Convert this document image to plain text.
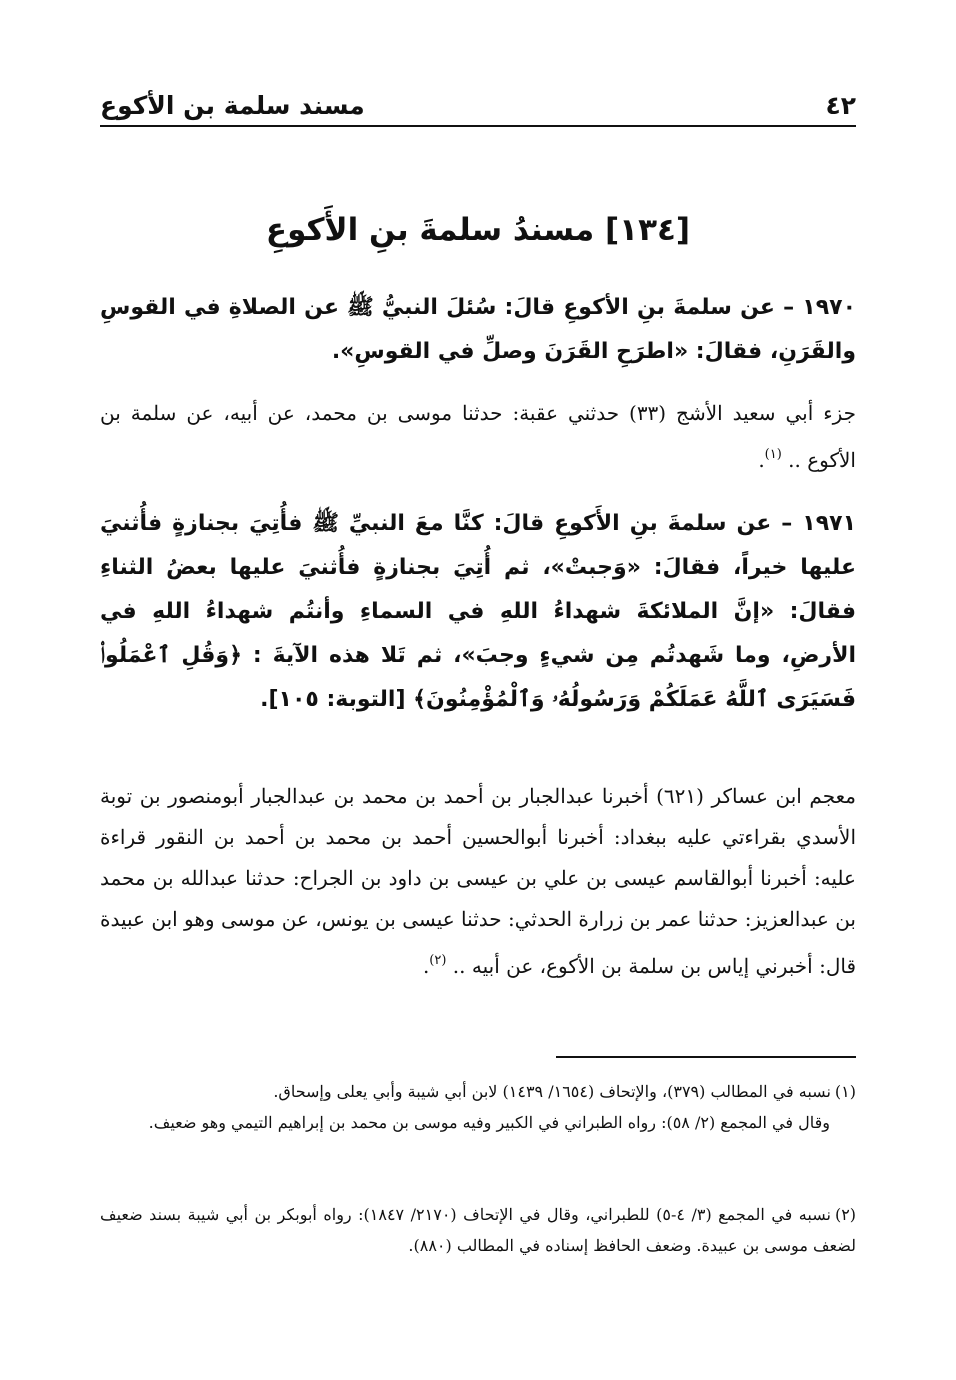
٤٢
مسند سلمة بن الأكوع
[١٣٤] مسندُ سلمةَ بنِ الأَكوعِ
١٩٧٠ – عن سلمةَ بنِ الأكوعِ قالَ: سُئلَ النبيُّ ﷺ عن الصلاةِ في القوسِ والقَرَنِ، فقالَ: «اطرَحِ القَرَنَ وصلِّ في القوسِ».
جزء أبي سعيد الأشج (٣٣) حدثني عقبة: حدثنا موسى بن محمد، عن أبيه، عن سلمة بن الأكوع .. $^{(١)}$.
١٩٧١ – عن سلمةَ بنِ الأَكوعِ قالَ: كنَّا معَ النبيِّ ﷺ فأُتِيَ بجنازةٍ فأُثنيَ عليها خيراً، فقالَ: «وَجبتْ»، ثم أُتِيَ بجنازةٍ فأُثنيَ عليها بعضُ الثناءِ فقالَ: «إنَّ الملائكةَ شهداءُ اللهِ في السماءِ وأنتُم شهداءُ اللهِ في الأرضِ، وما شَهدتُم مِن شيءٍ وجبَ»، ثم تَلا هذه الآيةَ : ﴿وَقُلِ ٱعْمَلُوا۟ فَسَيَرَى ٱللَّهُ عَمَلَكُمْ وَرَسُولُهُۥ وَٱلْمُؤْمِنُونَ﴾ [التوبة: ١٠٥].
معجم ابن عساكر (٦٢١) أخبرنا عبدالجبار بن أحمد بن محمد بن عبدالجبار أبومنصور بن توبة الأسدي بقراءتي عليه ببغداد: أخبرنا أبوالحسين أحمد بن محمد بن أحمد بن النقور قراءة عليه: أخبرنا أبوالقاسم عيسى بن علي بن عيسى بن داود بن الجراح: حدثنا عبدالله بن محمد بن عبدالعزيز: حدثنا عمر بن زرارة الحدثي: حدثنا عيسى بن يونس، عن موسى وهو ابن عبيدة قال: أخبرني إياس بن سلمة بن الأكوع، عن أبيه .. $^{(٢)}$.
(١)نسبه في المطالب (٣٧٩)، والإتحاف (١٦٥٤/ ١٤٣٩) لابن أبي شيبة وأبي يعلى وإسحاق.
وقال في المجمع (٢/ ٥٨): رواه الطبراني في الكبير وفيه موسى بن محمد بن إبراهيم التيمي وهو ضعيف.
(٢)نسبه في المجمع (٣/ ٤-٥) للطبراني، وقال في الإتحاف (٢١٧٠/ ١٨٤٧): رواه أبوبكر بن أبي شيبة بسند ضعيف لضعف موسى بن عبيدة. وضعف الحافظ إسناده في المطالب (٨٨٠).
